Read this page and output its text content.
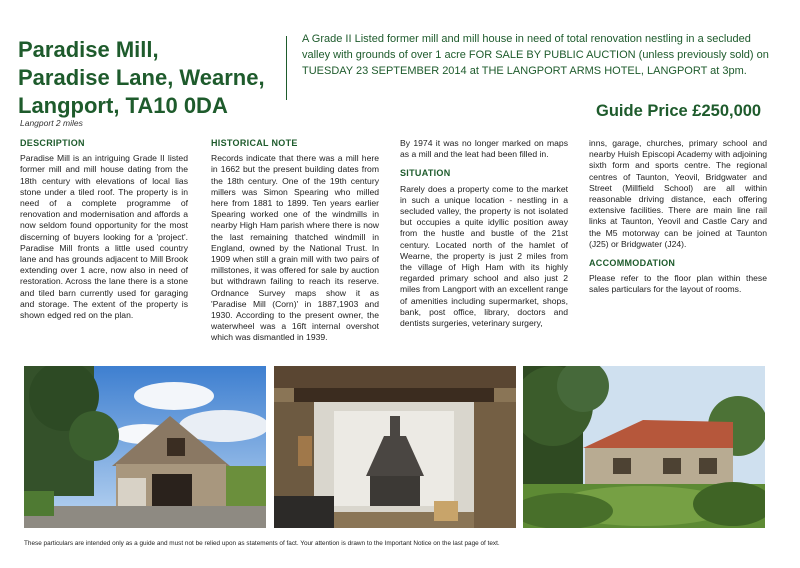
Paradise Mill,
Paradise Lane, Wearne,
Langport, TA10 0DA
Langport 2 miles
A Grade II Listed former mill and mill house in need of total renovation nestling in a secluded valley with grounds of over 1 acre FOR SALE BY PUBLIC AUCTION (unless previously sold) on TUESDAY 23 SEPTEMBER 2014 at THE LANGPORT ARMS HOTEL, LANGPORT at 3pm.
Guide Price £250,000
DESCRIPTION

Paradise Mill is an intriguing Grade II listed former mill and mill house dating from the 18th century with elevations of local lias stone under a tiled roof. The property is in need of a complete programme of renovation and modernisation and affords a now seldom found opportunity for the most discerning of buyers looking for a 'project'. Paradise Mill fronts a little used country lane and has grounds adjacent to Mill Brook extending over 1 acre, now also in need of restoration. Across the lane there is a stone and tiled barn currently used for garaging and storage. The extent of the property is shown edged red on the plan.

HISTORICAL NOTE

Records indicate that there was a mill here in 1662 but the present building dates from the 18th century. One of the 19th century millers was Simon Spearing who milled here from 1881 to 1899. Ten years earlier Spearing worked one of the windmills in nearby High Ham parish where there is now the last remaining thatched windmill in England, owned by the National Trust. In 1909 when still a grain mill with two pairs of millstones, it was offered for sale by auction but withdrawn failing to reach its reserve. Ordnance Survey maps show it as 'Paradise Mill (Corn)' in 1887,1903 and 1930. According to the present owner, the waterwheel was a 16ft internal overshot which was dismantled in 1939.

By 1974 it was no longer marked on maps as a mill and the leat had been filled in.

SITUATION

Rarely does a property come to the market in such a unique location - nestling in a secluded valley, the property is not isolated but occupies a quite idyllic position away from the hustle and bustle of the 21st century. Located north of the hamlet of Wearne, the property is just 2 miles from the village of High Ham with its highly regarded primary school and also just 2 miles from Langport with an excellent range of amenities including supermarket, shops, bank, post office, library, doctors and dentists surgeries, veterinary surgery,

inns, garage, churches, primary school and nearby Huish Episcopi Academy with adjoining sixth form and sports centre. The regional centres of Taunton, Yeovil, Bridgwater and Street (Millfield School) are all within reasonable driving distance, each offering extensive facilities. There are main line rail links at Taunton, Yeovil and Castle Cary and the M5 motorway can be joined at Taunton (J25) or Bridgwater (J24).

ACCOMMODATION

Please refer to the floor plan within these sales particulars for the layout of rooms.

These particulars are intended only as a guide and must not be relied upon as statements of fact. Your attention is drawn to the Important Notice on the last page of text.
